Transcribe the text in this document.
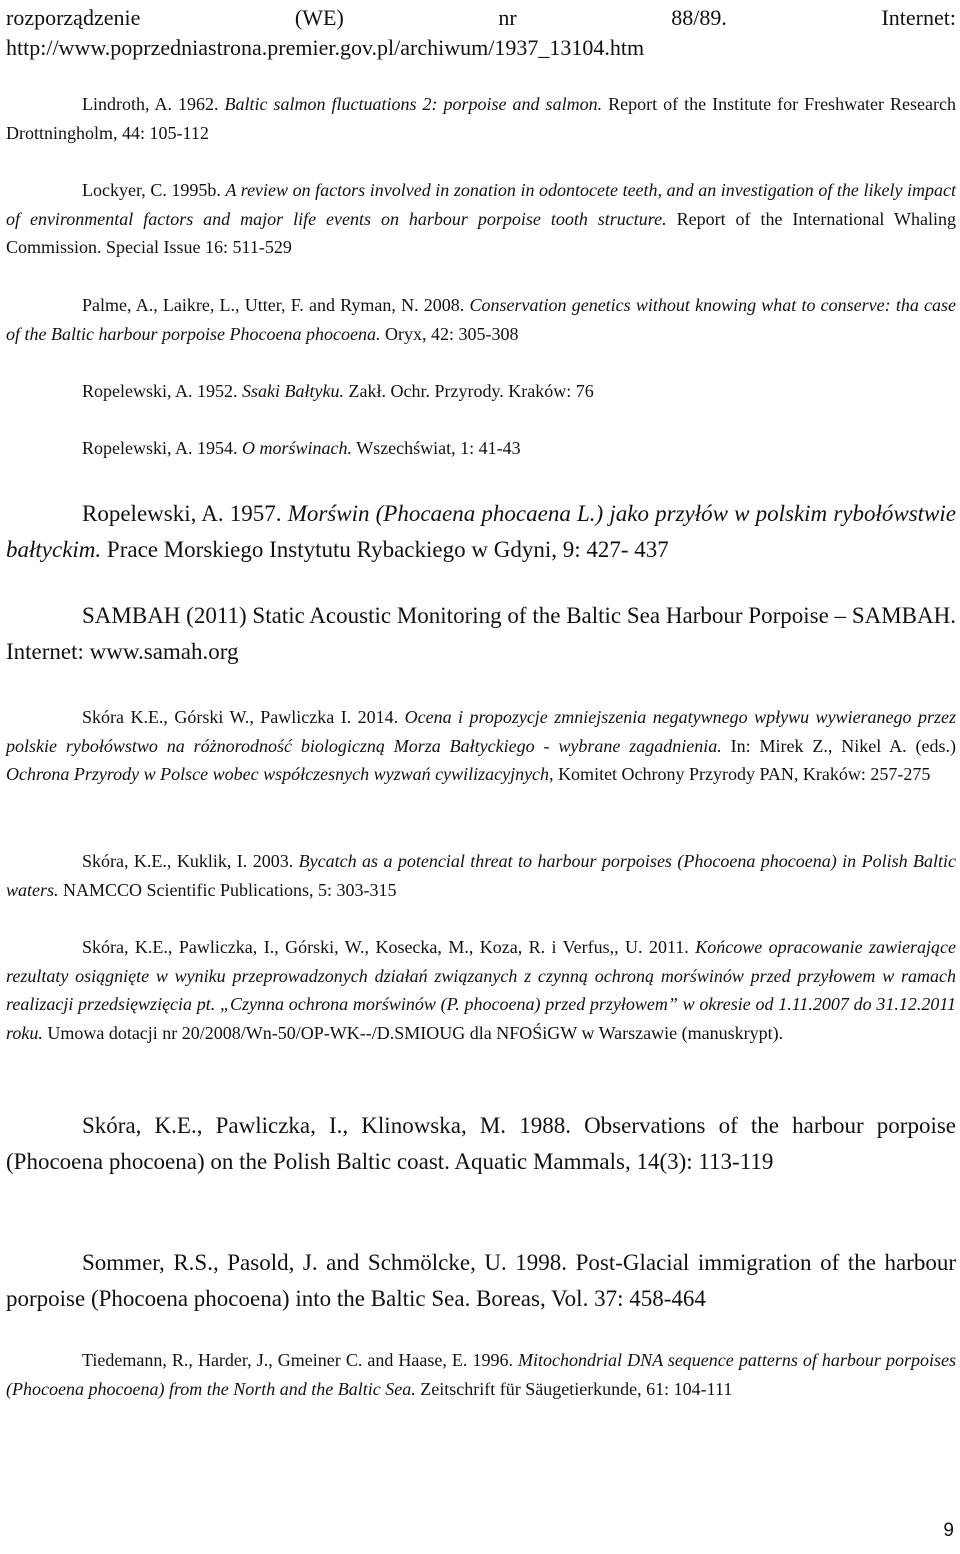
rozporządzenie (WE) nr 88/89. Internet:
http://www.poprzedniastrona.premier.gov.pl/archiwum/1937_13104.htm

Lindroth, A. 1962. Baltic salmon fluctuations 2: porpoise and salmon. Report of the Institute for Freshwater Research Drottningholm, 44: 105-112

Lockyer, C. 1995b. A review on factors involved in zonation in odontocete teeth, and an investigation of the likely impact of environmental factors and major life events on harbour porpoise tooth structure. Report of the International Whaling Commission. Special Issue 16: 511-529

Palme, A., Laikre, L., Utter, F. and Ryman, N. 2008. Conservation genetics without knowing what to conserve: tha case of the Baltic harbour porpoise Phocoena phocoena. Oryx, 42: 305-308

Ropelewski, A. 1952. Ssaki Bałtyku. Zakł. Ochr. Przyrody. Kraków: 76

Ropelewski, A. 1954. O morświnach. Wszechświat, 1: 41-43

Ropelewski, A. 1957. Morświn (Phocaena phocaena L.) jako przyłów w polskim rybołówstwie bałtyckim. Prace Morskiego Instytutu Rybackiego w Gdyni, 9: 427- 437

SAMBAH (2011) Static Acoustic Monitoring of the Baltic Sea Harbour Porpoise – SAMBAH. Internet: www.samah.org

Skóra K.E., Górski W., Pawliczka I. 2014. Ocena i propozycje zmniejszenia negatywnego wpływu wywieranego przez polskie rybołówstwo na różnorodność biologiczną Morza Bałtyckiego - wybrane zagadnienia. In: Mirek Z., Nikel A. (eds.) Ochrona Przyrody w Polsce wobec współczesnych wyzwań cywilizacyjnych, Komitet Ochrony Przyrody PAN, Kraków: 257-275

Skóra, K.E., Kuklik, I. 2003. Bycatch as a potencial threat to harbour porpoises (Phocoena phocoena) in Polish Baltic waters. NAMCCO Scientific Publications, 5: 303-315

Skóra, K.E., Pawliczka, I., Górski, W., Kosecka, M., Koza, R. i Verfus,, U. 2011. Końcowe opracowanie zawierające rezultaty osiągnięte w wyniku przeprowadzonych działań związanych z czynną ochroną morświnów przed przyłowem w ramach realizacji przedsięwzięcia pt. „Czynna ochrona morświnów (P. phocoena) przed przyłowem” w okresie od 1.11.2007 do 31.12.2011 roku. Umowa dotacji nr 20/2008/Wn-50/OP-WK--/D.SMIOUG dla NFOŚiGW w Warszawie (manuskrypt).

Skóra, K.E., Pawliczka, I., Klinowska, M. 1988. Observations of the harbour porpoise (Phocoena phocoena) on the Polish Baltic coast. Aquatic Mammals, 14(3): 113-119

Sommer, R.S., Pasold, J. and Schmölcke, U. 1998. Post-Glacial immigration of the harbour porpoise (Phocoena phocoena) into the Baltic Sea. Boreas, Vol. 37: 458-464

Tiedemann, R., Harder, J., Gmeiner C. and Haase, E. 1996. Mitochondrial DNA sequence patterns of harbour porpoises (Phocoena phocoena) from the North and the Baltic Sea. Zeitschrift für Säugetierkunde, 61: 104-111

9
